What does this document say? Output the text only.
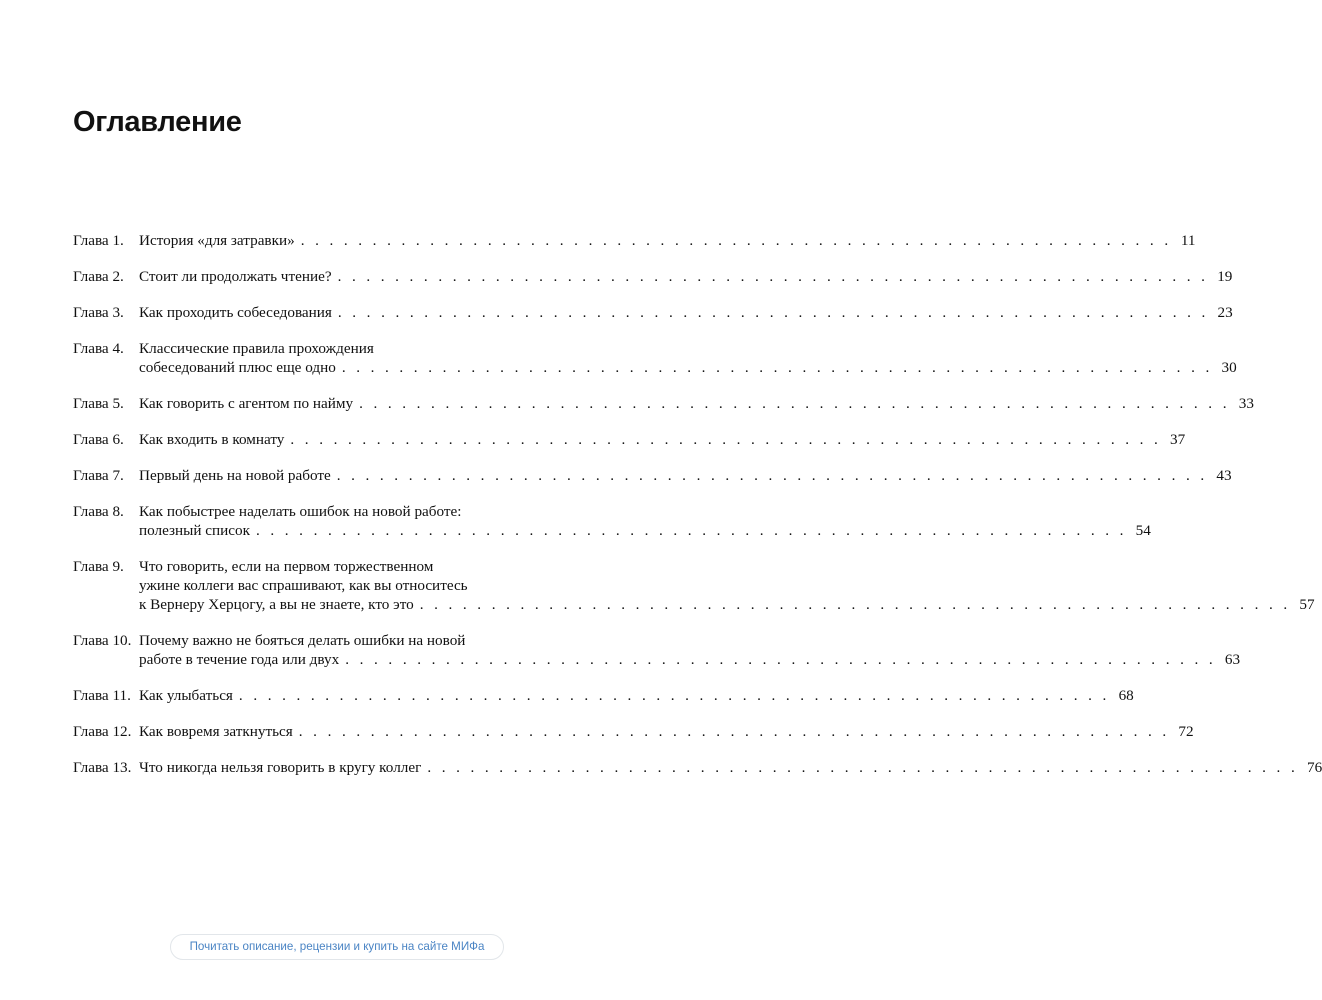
Оглавление
Глава 1. История «для затравки» . . . . . . . . . . . . . . . . . . . . . . . . . . . . . . . . . . . . . . . . . . . . . . . . . . . . . . . . . . . . . 11
Глава 2. Стоит ли продолжать чтение? . . . . . . . . . . . . . . . . . . . . . . . . . . . . . . . . . . . . . . . . . . . . . . . . . . . . . . . . . . . . . 19
Глава 3. Как проходить собеседования . . . . . . . . . . . . . . . . . . . . . . . . . . . . . . . . . . . . . . . . . . . . . . . . . . . . . . . . . . . . . 23
Глава 4. Классические правила прохождения
собеседований плюс еще одно . . . . . . . . . . . . . . . . . . . . . . . . . . . . . . . . . . . . . . . . . . . . . . . . . . . . . . . . . . . . . 30
Глава 5. Как говорить с агентом по найму . . . . . . . . . . . . . . . . . . . . . . . . . . . . . . . . . . . . . . . . . . . . . . . . . . . . . . . . . . . . . 33
Глава 6. Как входить в комнату . . . . . . . . . . . . . . . . . . . . . . . . . . . . . . . . . . . . . . . . . . . . . . . . . . . . . . . . . . . . . 37
Глава 7. Первый день на новой работе . . . . . . . . . . . . . . . . . . . . . . . . . . . . . . . . . . . . . . . . . . . . . . . . . . . . . . . . . . . . . 43
Глава 8. Как побыстрее наделать ошибок на новой работе:
полезный список . . . . . . . . . . . . . . . . . . . . . . . . . . . . . . . . . . . . . . . . . . . . . . . . . . . . . . . . . . . . . 54
Глава 9. Что говорить, если на первом торжественном
ужине коллеги вас спрашивают, как вы относитесь
к Вернеру Херцогу, а вы не знаете, кто это . . . . . . . . . . . . . . . . . . . . . . . . . . . . . . . . . . . . . . . . . . . . . . . . . . . . . . . . . . . . . 57
Глава 10. Почему важно не бояться делать ошибки на новой
работе в течение года или двух . . . . . . . . . . . . . . . . . . . . . . . . . . . . . . . . . . . . . . . . . . . . . . . . . . . . . . . . . . . . . 63
Глава 11. Как улыбаться . . . . . . . . . . . . . . . . . . . . . . . . . . . . . . . . . . . . . . . . . . . . . . . . . . . . . . . . . . . . . 68
Глава 12. Как вовремя заткнуться . . . . . . . . . . . . . . . . . . . . . . . . . . . . . . . . . . . . . . . . . . . . . . . . . . . . . . . . . . . . . 72
Глава 13. Что никогда нельзя говорить в кругу коллег . . . . . . . . . . . . . . . . . . . . . . . . . . . . . . . . . . . . . . . . . . . . . . . . . . . . . . . . . . . . . 76
Почитать описание, рецензии и купить на сайте МИФа
